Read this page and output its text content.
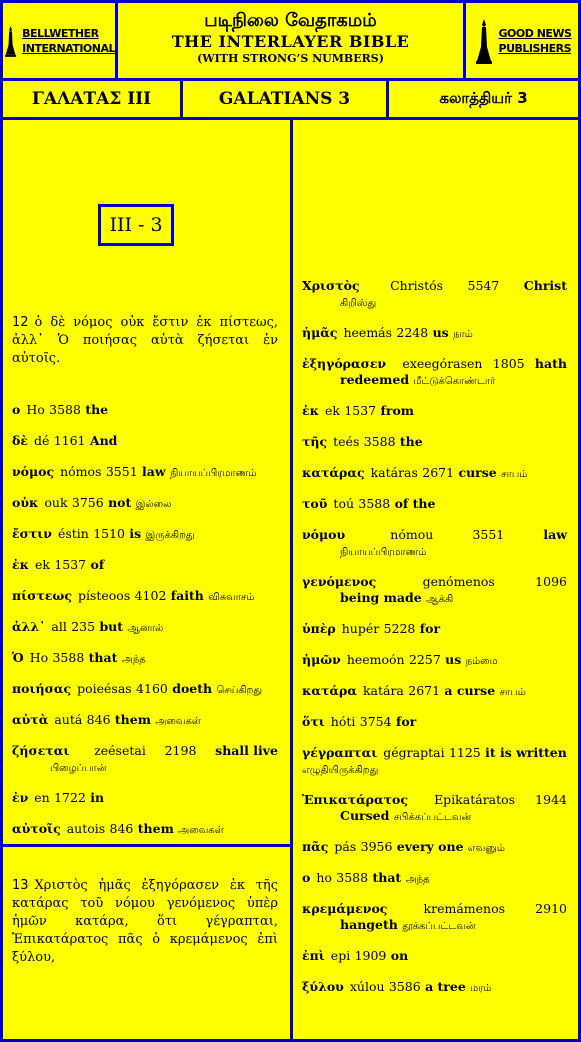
BELLWETHER
INTERNATIONAL
படிநிலை வேதாகமம்
THE INTERLAYER BIBLE
(WITH STRONG’S NUMBERS)
GOOD NEWS
PUBLISHERS
ΓΑΛΑΤΑΣ III	GALATIANS 3	கலாத்தியர் 3
III - 3
12 ὁ δὲ νόμος οὐκ ἔστιν ἐκ πίστεως, ἀλλ᾽ Ὁ ποιήσας αὐτὰ ζήσεται ἐν αὐτοῖς.
13 Χριστὸς ἡμᾶς ἐξηγόρασεν ἐκ τῆς κατάρας τοῦ νόμου γενόμενος ὑπὲρ ἡμῶν κατάρα, ὅτι γέγραπται, Ἐπικατάρατος πᾶς ὁ κρεμάμενος ἐπὶ ξύλου,
ο Ho 3588 the
δὲ dé 1161 And
νόμος nómos 3551 law நியாயப்பிரமாணம்
οὐκ ouk 3756 not இல்லை
ἔστιν éstin 1510 is இருக்கிறது
ἐκ ek 1537 of
πίστεως písteoos 4102 faith விசுவாசம்
ἀλλ᾽ all 235 but ஆனால்
Ὁ Ho 3588 that அந்த
ποιήσας poieésas 4160 doeth செய்கிறது
αὐτὰ autá 846 them அவைகள்
ζήσεται zeésetai 2198 shall live
பிழைப்பான்
ἐν en 1722 in
αὐτοῖς autois 846 them அவைகள்
Χριστὸς Christós 5547 Christ
கிறிஸ்து
ἡμᾶς heemás 2248 us நாம்
ἐξηγόρασεν exeegórasen 1805 hath
redeemed மீட்டுக்கொண்டார்
ἐκ ek 1537 from
τῆς teés 3588 the
κατάρας katáras 2671 curse சாபம்
τοῦ toú 3588 of the
νόμου	nómou	3551	law
நியாயப்பிரமாணம்
γενόμενος	genómenos	1096
being made ஆக்கி
ὑπὲρ hupér 5228 for
ἡμῶν heemoón 2257 us நம்மை
κατάρα katára 2671 a curse சாபம்
ὅτι hóti 3754 for
γέγραπται gégraptai 1125 it is written எழுதியிருக்கிறது
Ἐπικατάρατος Epikatáratos 1944
Cursed சபிக்கப்பட்டவன்
πᾶς pás 3956 every one எவனும்
ο ho 3588 that அந்த
κρεμάμενος	kremámenos 2910
hangeth தூக்கப்பட்டவன்
ἐπὶ epi 1909 on
ξύλου xúlou 3586 a tree மரம்
